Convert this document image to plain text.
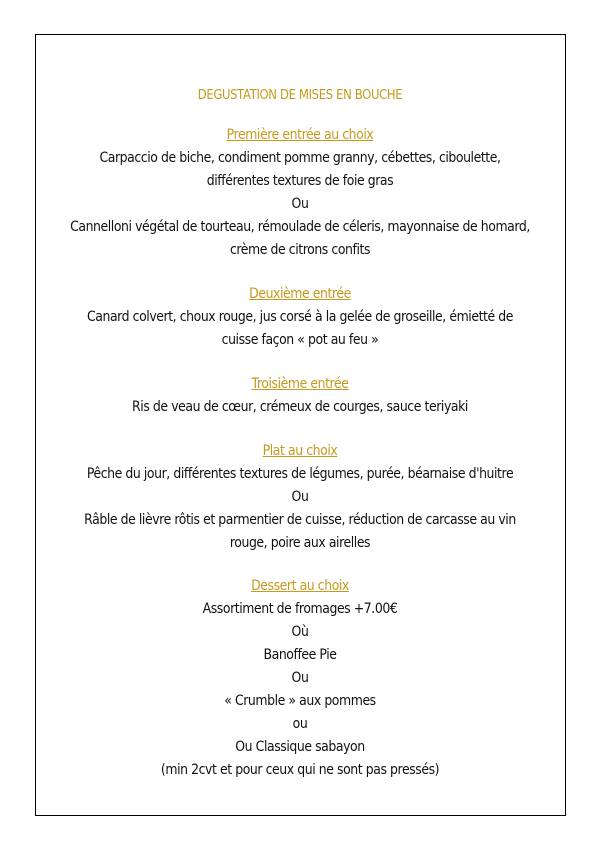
DEGUSTATION DE MISES EN BOUCHE
Première entrée au choix
Carpaccio de biche, condiment pomme granny, cébettes, ciboulette,
différentes textures de foie gras
Ou
Cannelloni végétal de tourteau, rémoulade de céleris, mayonnaise de homard,
crème de citrons confits
Deuxième entrée
Canard colvert, choux rouge, jus corsé à la gelée de groseille, émietté de
cuisse façon « pot au feu »
Troisième entrée
Ris de veau de cœur, crémeux de courges, sauce teriyaki
Plat au choix
Pêche du jour, différentes textures de légumes, purée, béarnaise d'huitre
Ou
Râble de lièvre rôtis et parmentier de cuisse, réduction de carcasse au vin
rouge, poire aux airelles
Dessert au choix
Assortiment de fromages +7.00€
Où
Banoffee Pie
Ou
« Crumble » aux pommes
ou
Ou Classique sabayon
(min 2cvt et pour ceux qui ne sont pas pressés)
